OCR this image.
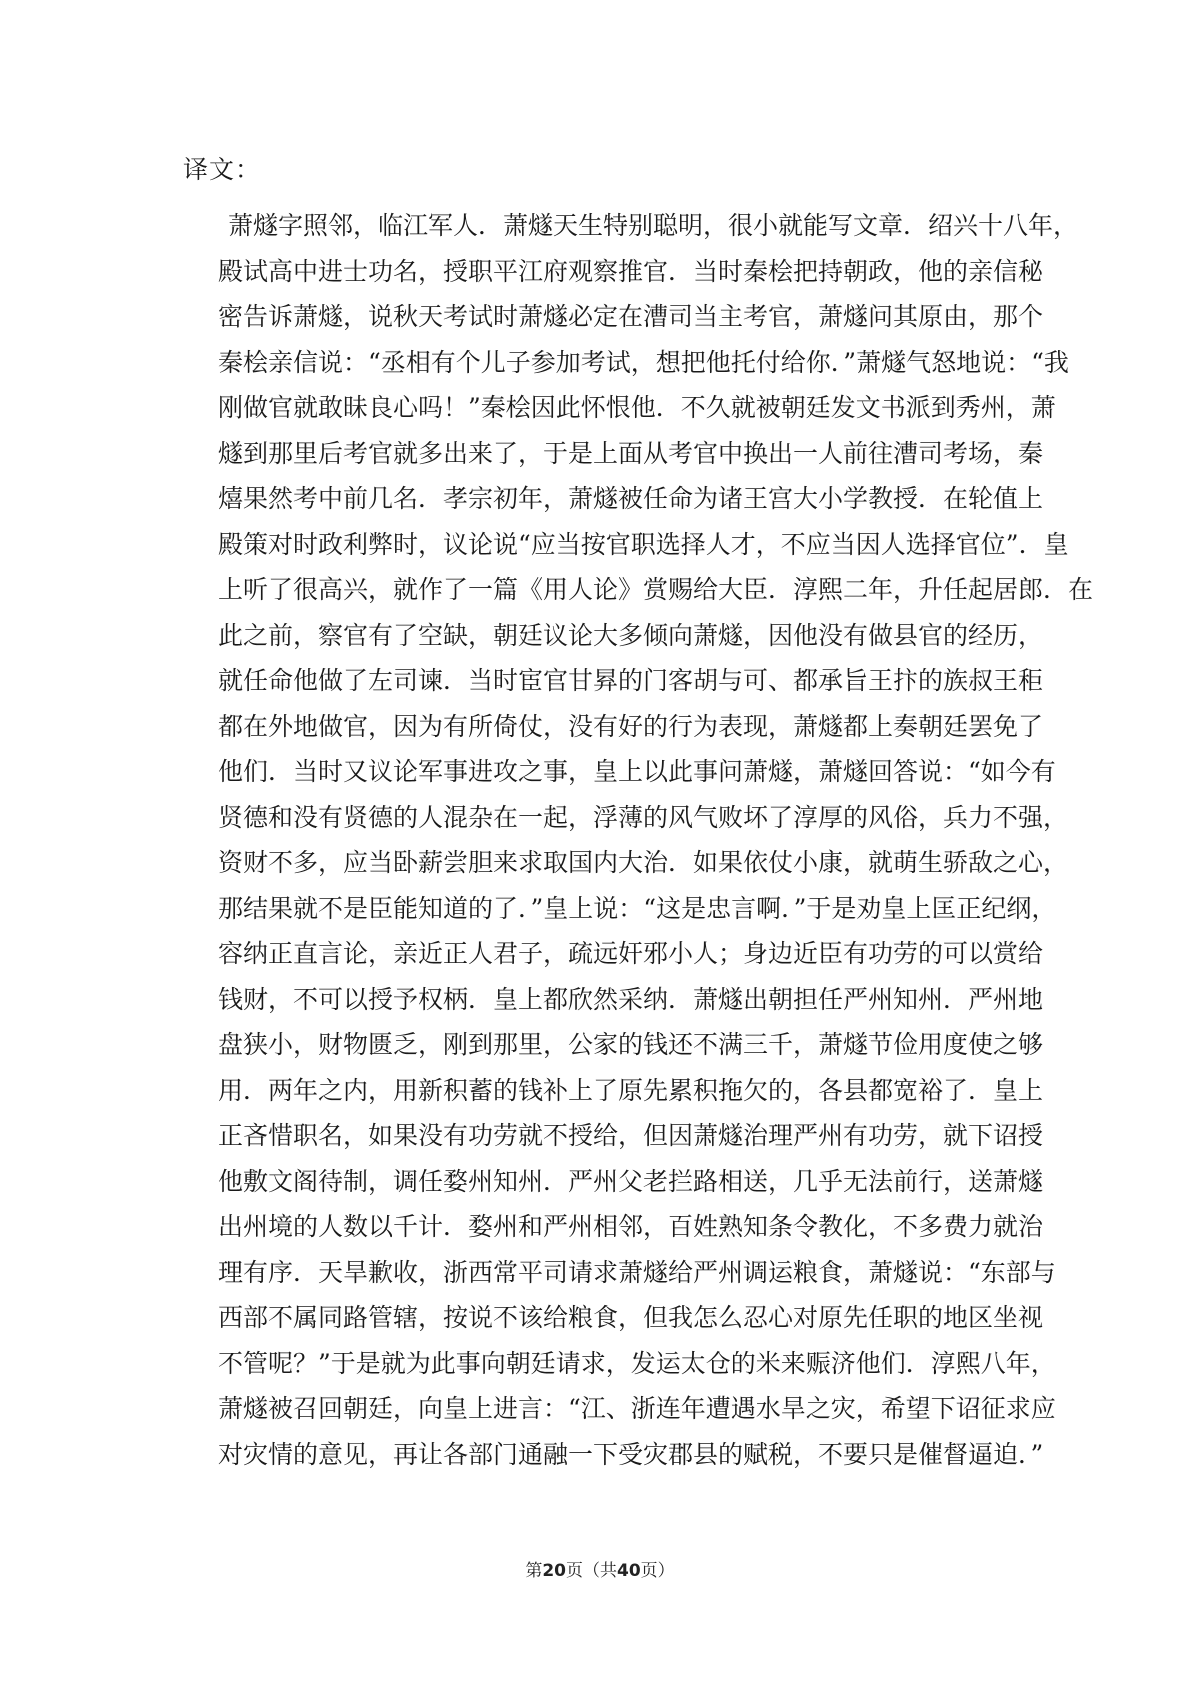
译文：
萧燧字照邻，临江军人．萧燧天生特别聪明，很小就能写文章．绍兴十八年，
殿试高中进士功名，授职平江府观察推官．当时秦桧把持朝政，他的亲信秘
密告诉萧燧，说秋天考试时萧燧必定在漕司当主考官，萧燧问其原由，那个
秦桧亲信说：“丞相有个儿子参加考试，想把他托付给你．”萧燧气怒地说：“我
刚做官就敢昧良心吗！”秦桧因此怀恨他．不久就被朝廷发文书派到秀州，萧
燧到那里后考官就多出来了，于是上面从考官中换出一人前往漕司考场，秦
熺果然考中前几名．孝宗初年，萧燧被任命为诸王宫大小学教授．在轮值上
殿策对时政利弊时，议论说“应当按官职选择人才，不应当因人选择官位”．皇
上听了很高兴，就作了一篇《用人论》赏赐给大臣．淳熙二年，升任起居郎．在
此之前，察官有了空缺，朝廷议论大多倾向萧燧，因他没有做县官的经历，
就任命他做了左司谏．当时宦官甘昪的门客胡与可、都承旨王抃的族叔王秬
都在外地做官，因为有所倚仗，没有好的行为表现，萧燧都上奏朝廷罢免了
他们．当时又议论军事进攻之事，皇上以此事问萧燧，萧燧回答说：“如今有
贤德和没有贤德的人混杂在一起，浮薄的风气败坏了淳厚的风俗，兵力不强，
资财不多，应当卧薪尝胆来求取国内大治．如果依仗小康，就萌生骄敌之心，
那结果就不是臣能知道的了．”皇上说：“这是忠言啊．”于是劝皇上匡正纪纲，
容纳正直言论，亲近正人君子，疏远奸邪小人；身边近臣有功劳的可以赏给
钱财，不可以授予权柄．皇上都欣然采纳．萧燧出朝担任严州知州．严州地
盘狭小，财物匮乏，刚到那里，公家的钱还不满三千，萧燧节俭用度使之够
用．两年之内，用新积蓄的钱补上了原先累积拖欠的，各县都宽裕了．皇上
正吝惜职名，如果没有功劳就不授给，但因萧燧治理严州有功劳，就下诏授
他敷文阁待制，调任婺州知州．严州父老拦路相送，几乎无法前行，送萧燧
出州境的人数以千计．婺州和严州相邻，百姓熟知条令教化，不多费力就治
理有序．天旱歉收，浙西常平司请求萧燧给严州调运粮食，萧燧说：“东部与
西部不属同路管辖，按说不该给粮食，但我怎么忍心对原先任职的地区坐视
不管呢？”于是就为此事向朝廷请求，发运太仓的米来赈济他们．淳熙八年，
萧燧被召回朝廷，向皇上进言：“江、浙连年遭遇水旱之灾，希望下诏征求应
对灾情的意见，再让各部门通融一下受灾郡县的赋税，不要只是催督逼迫．”
第20页（共40页）
